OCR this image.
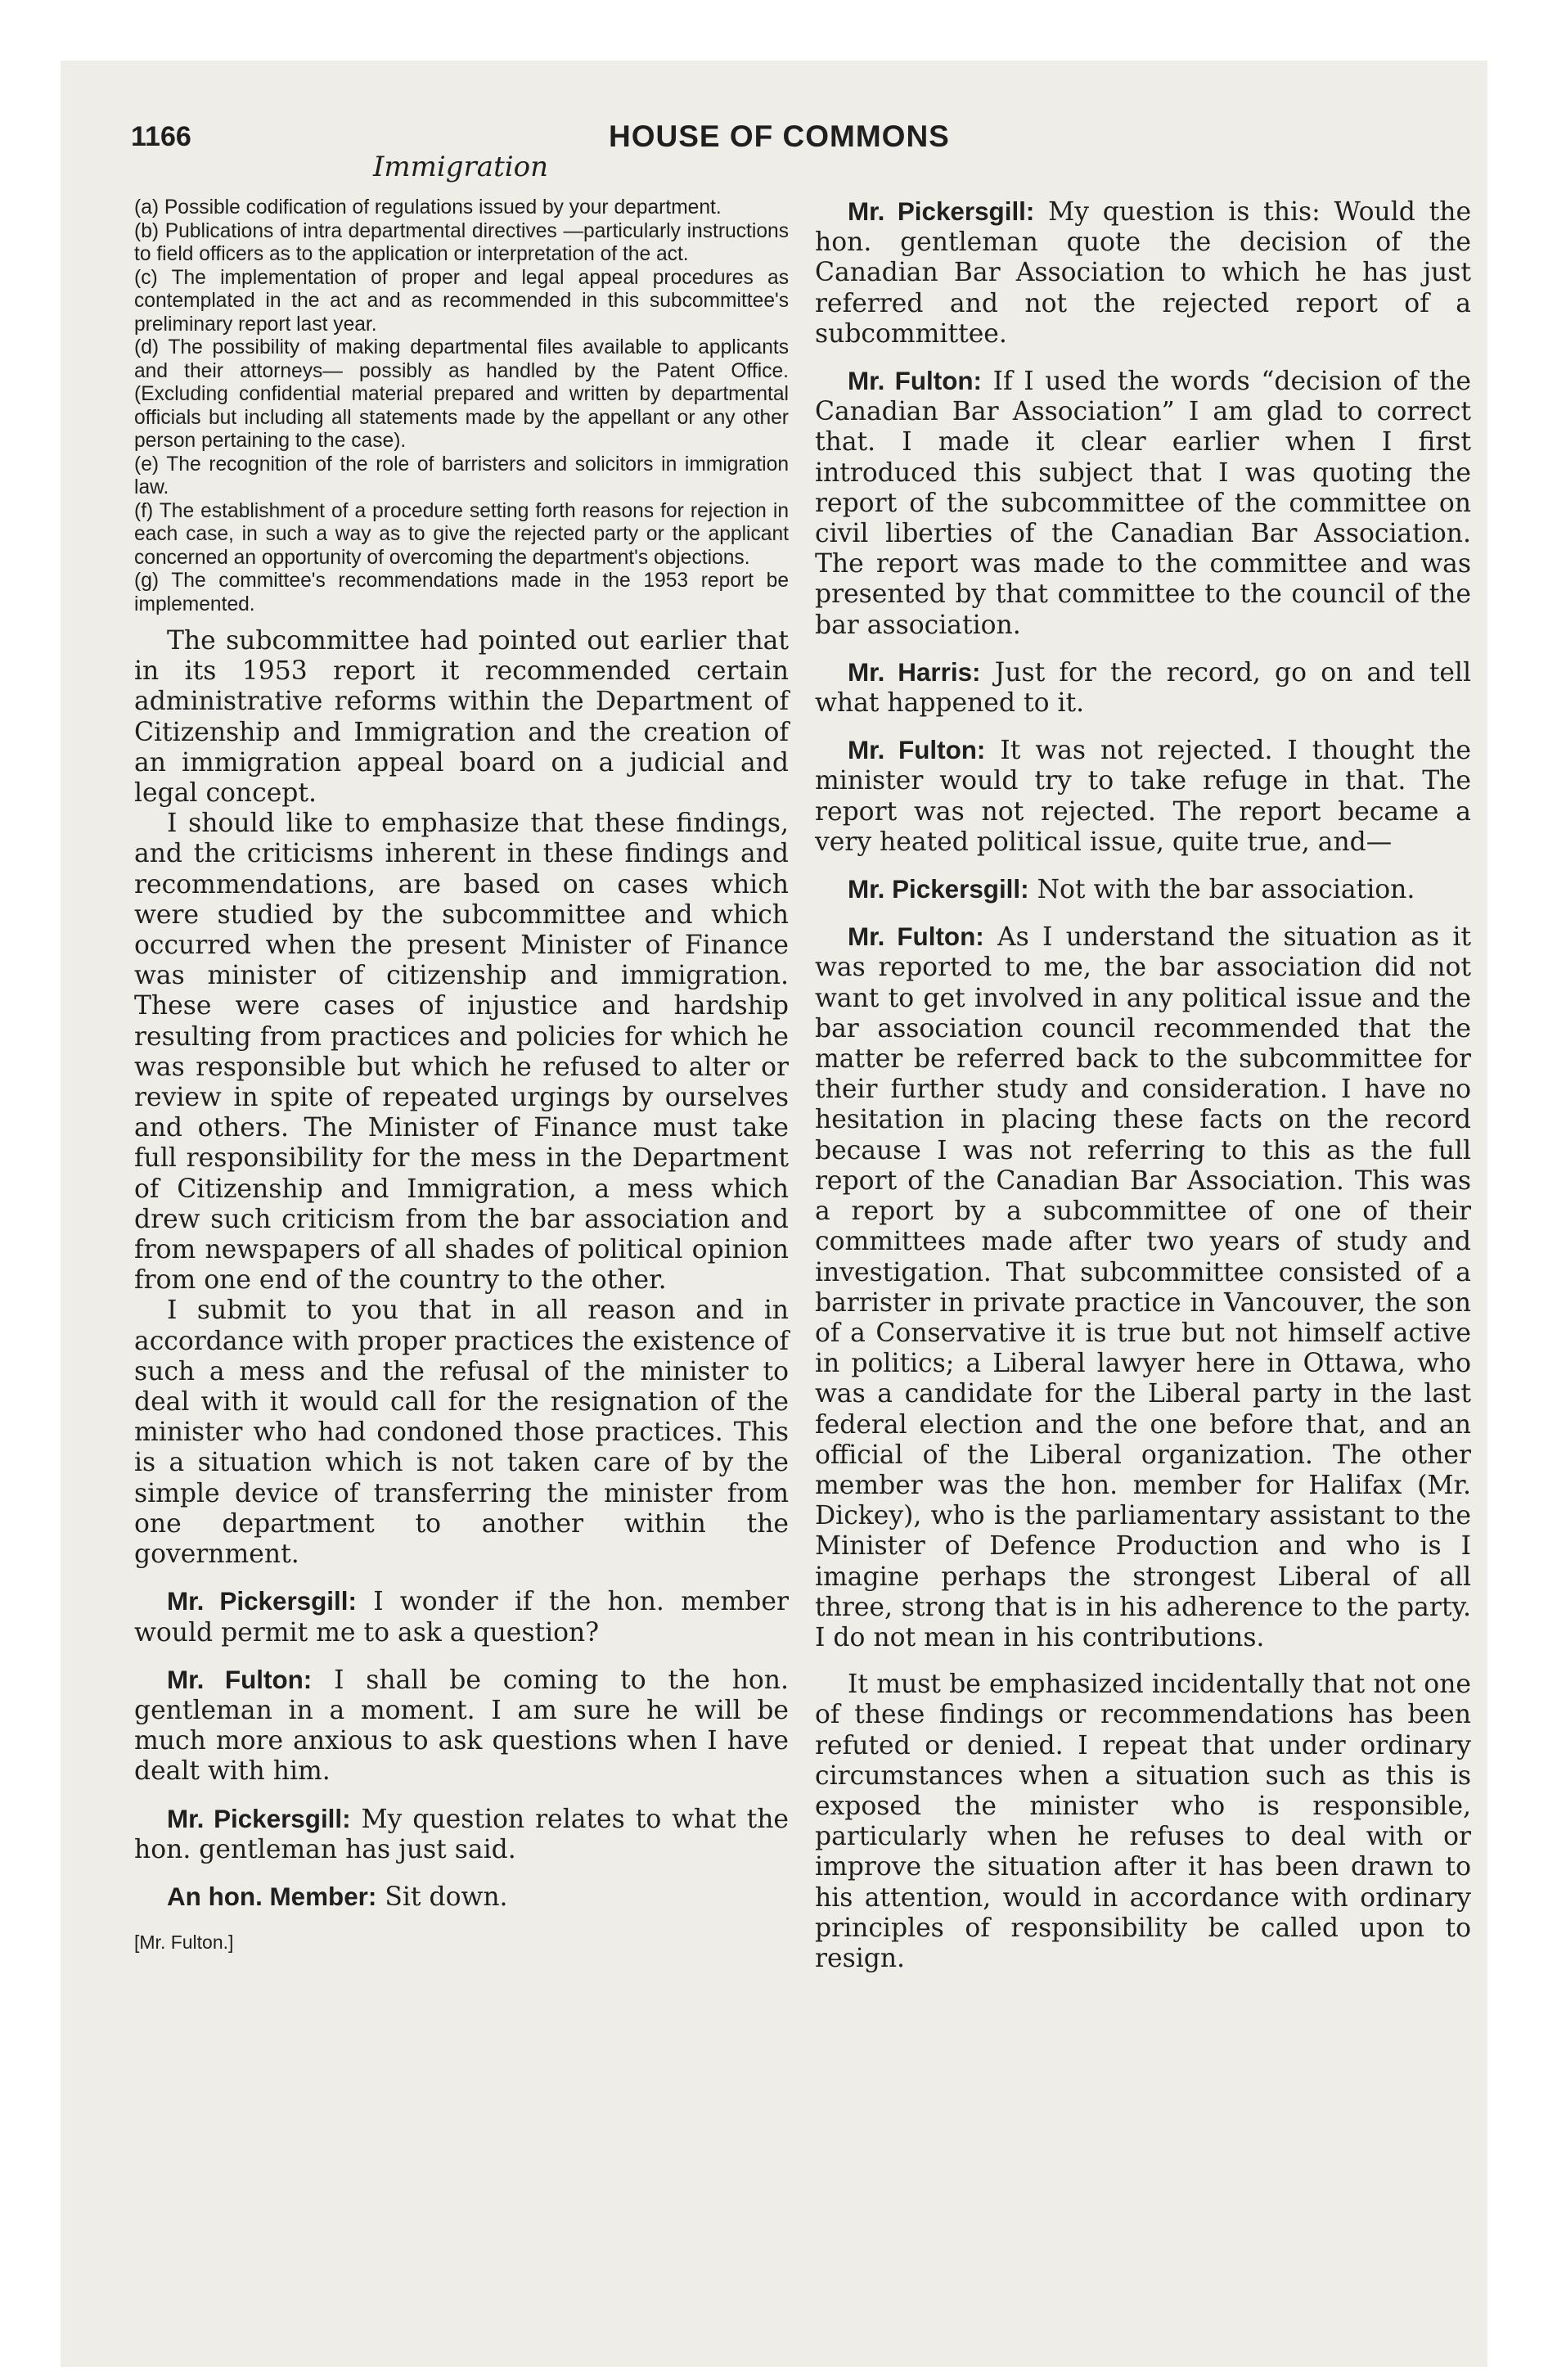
1166	HOUSE OF COMMONS
Immigration

(a) Possible codification of regulations issued by your department.

(b) Publications of intra departmental directives —particularly instructions to field officers as to the application or interpretation of the act.

(c) The implementation of proper and legal appeal procedures as contemplated in the act and as recommended in this subcommittee's preliminary report last year.

(d) The possibility of making departmental files available to applicants and their attorneys— possibly as handled by the Patent Office. (Excluding confidential material prepared and written by departmental officials but including all statements made by the appellant or any other person pertaining to the case).

(e) The recognition of the role of barristers and solicitors in immigration law.

(f) The establishment of a procedure setting forth reasons for rejection in each case, in such a way as to give the rejected party or the applicant concerned an opportunity of overcoming the department's objections.

(g) The committee's recommendations made in the 1953 report be implemented.

The subcommittee had pointed out earlier that in its 1953 report it recommended certain administrative reforms within the Department of Citizenship and Immigration and the creation of an immigration appeal board on a judicial and legal concept.

I should like to emphasize that these findings, and the criticisms inherent in these findings and recommendations, are based on cases which were studied by the subcommittee and which occurred when the present Minister of Finance was minister of citizenship and immigration. These were cases of injustice and hardship resulting from practices and policies for which he was responsible but which he refused to alter or review in spite of repeated urgings by ourselves and others. The Minister of Finance must take full responsibility for the mess in the Department of Citizenship and Immigration, a mess which drew such criticism from the bar association and from newspapers of all shades of political opinion from one end of the country to the other.

I submit to you that in all reason and in accordance with proper practices the existence of such a mess and the refusal of the minister to deal with it would call for the resignation of the minister who had condoned those practices. This is a situation which is not taken care of by the simple device of transferring the minister from one department to another within the government.

Mr. Pickersgill: I wonder if the hon. member would permit me to ask a question?

Mr. Fulton: I shall be coming to the hon. gentleman in a moment. I am sure he will be much more anxious to ask questions when I have dealt with him.

Mr. Pickersgill: My question relates to what the hon. gentleman has just said.

An hon. Member: Sit down.

[Mr. Fulton.]

Mr. Pickersgill: My question is this: Would the hon. gentleman quote the decision of the Canadian Bar Association to which he has just referred and not the rejected report of a subcommittee.

Mr. Fulton: If I used the words “decision of the Canadian Bar Association” I am glad to correct that. I made it clear earlier when I first introduced this subject that I was quoting the report of the subcommittee of the committee on civil liberties of the Canadian Bar Association. The report was made to the committee and was presented by that committee to the council of the bar association.

Mr. Harris: Just for the record, go on and tell what happened to it.

Mr. Fulton: It was not rejected. I thought the minister would try to take refuge in that. The report was not rejected. The report became a very heated political issue, quite true, and—

Mr. Pickersgill: Not with the bar association.

Mr. Fulton: As I understand the situation as it was reported to me, the bar association did not want to get involved in any political issue and the bar association council recommended that the matter be referred back to the subcommittee for their further study and consideration. I have no hesitation in placing these facts on the record because I was not referring to this as the full report of the Canadian Bar Association. This was a report by a subcommittee of one of their committees made after two years of study and investigation. That subcommittee consisted of a barrister in private practice in Vancouver, the son of a Conservative it is true but not himself active in politics; a Liberal lawyer here in Ottawa, who was a candidate for the Liberal party in the last federal election and the one before that, and an official of the Liberal organization. The other member was the hon. member for Halifax (Mr. Dickey), who is the parliamentary assistant to the Minister of Defence Production and who is I imagine perhaps the strongest Liberal of all three, strong that is in his adherence to the party. I do not mean in his contributions.

It must be emphasized incidentally that not one of these findings or recommendations has been refuted or denied. I repeat that under ordinary circumstances when a situation such as this is exposed the minister who is responsible, particularly when he refuses to deal with or improve the situation after it has been drawn to his attention, would in accordance with ordinary principles of responsibility be called upon to resign.
